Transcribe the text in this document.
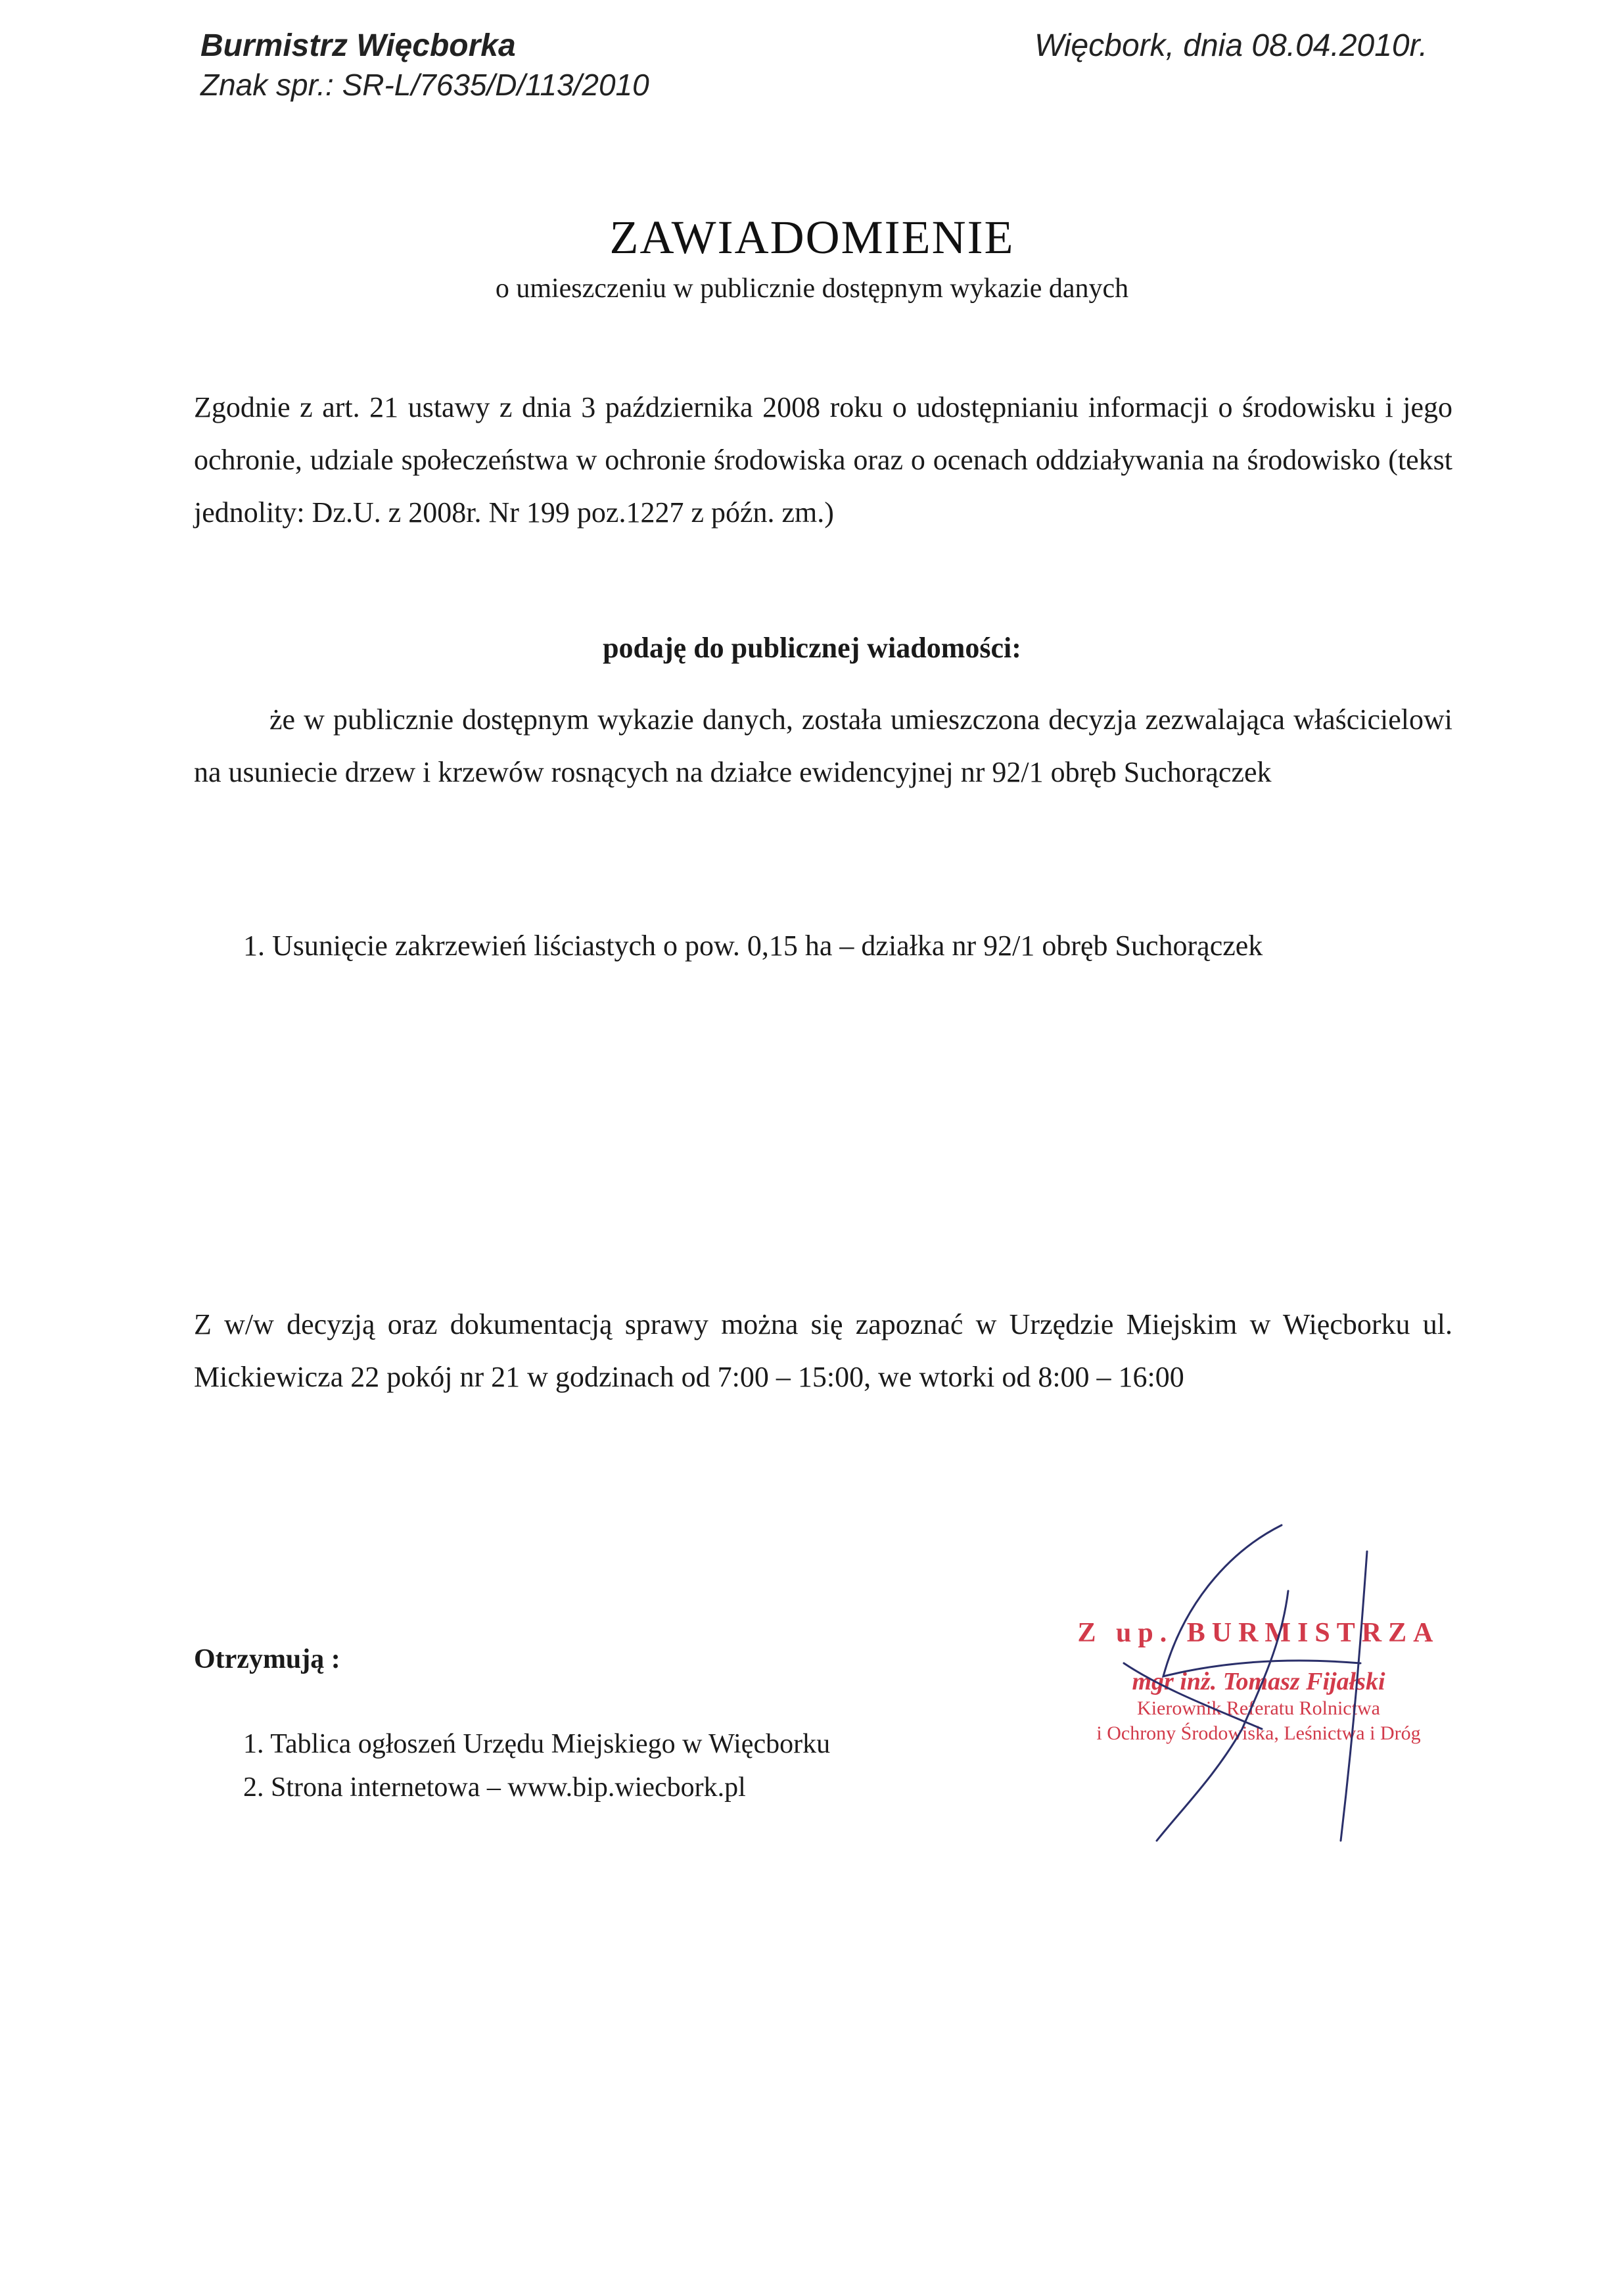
Burmistrz Więcborka
Znak spr.: SR-L/7635/D/113/2010
Więcbork, dnia 08.04.2010r.
ZAWIADOMIENIE
o umieszczeniu w publicznie dostępnym wykazie danych
Zgodnie z art. 21 ustawy z dnia 3 października 2008 roku o udostępnianiu informacji o środowisku i jego ochronie, udziale społeczeństwa w ochronie środowiska oraz o ocenach oddziaływania na środowisko (tekst jednolity: Dz.U. z 2008r. Nr 199 poz.1227 z późn. zm.)
podaję do publicznej wiadomości:
że w publicznie dostępnym wykazie danych, została umieszczona decyzja zezwalająca właścicielowi na usuniecie drzew i krzewów rosnących na działce ewidencyjnej nr 92/1 obręb Suchorączek
1. Usunięcie zakrzewień liściastych o pow. 0,15 ha – działka nr 92/1 obręb Suchorączek
Z w/w decyzją oraz dokumentacją sprawy można się zapoznać w Urzędzie Miejskim w Więcborku ul. Mickiewicza 22 pokój nr 21 w godzinach od 7:00 – 15:00, we wtorki od 8:00 – 16:00
Otrzymują :
1. Tablica ogłoszeń Urzędu Miejskiego w Więcborku
2. Strona internetowa – www.bip.wiecbork.pl
Z up. BURMISTRZA
mgr inż. Tomasz Fijałski
Kierownik Referatu Rolnictwa
i Ochrony Środowiska, Leśnictwa i Dróg
